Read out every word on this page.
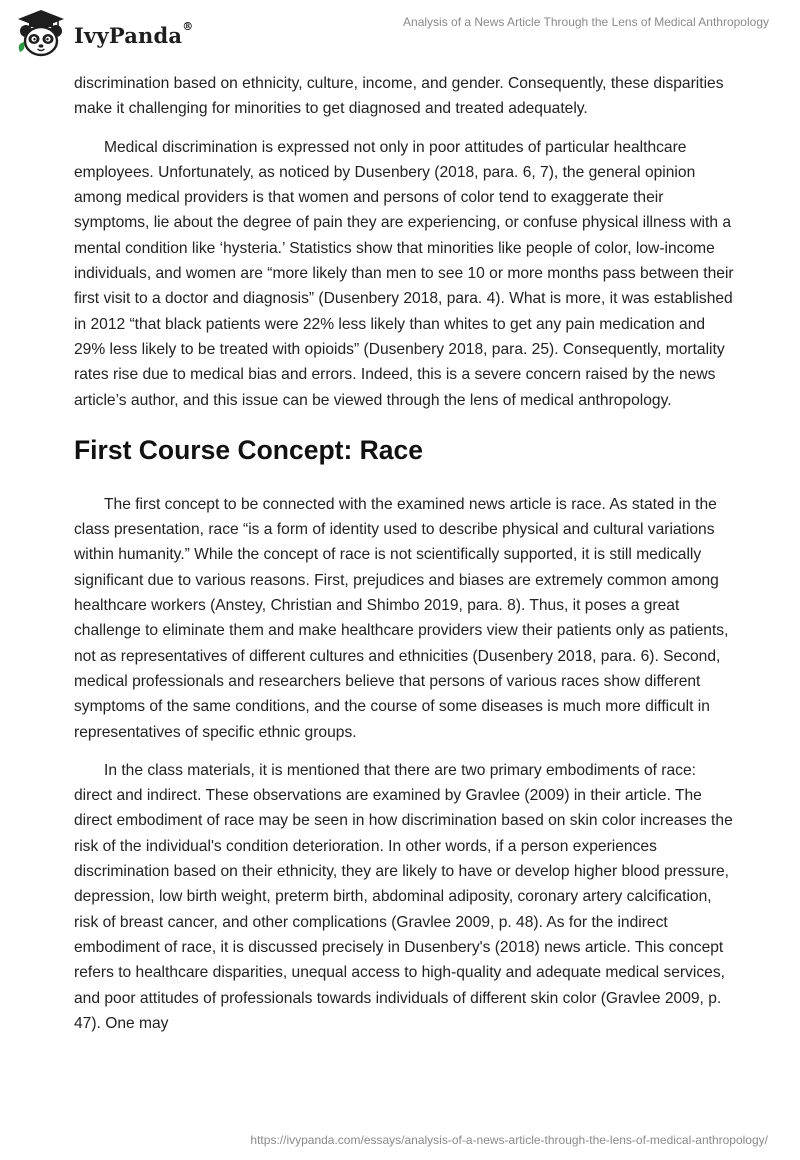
IvyPanda®	Analysis of a News Article Through the Lens of Medical Anthropology

discrimination based on ethnicity, culture, income, and gender. Consequently, these disparities make it challenging for minorities to get diagnosed and treated adequately.

Medical discrimination is expressed not only in poor attitudes of particular healthcare employees. Unfortunately, as noticed by Dusenbery (2018, para. 6, 7), the general opinion among medical providers is that women and persons of color tend to exaggerate their symptoms, lie about the degree of pain they are experiencing, or confuse physical illness with a mental condition like ‘hysteria.’ Statistics show that minorities like people of color, low-income individuals, and women are “more likely than men to see 10 or more months pass between their first visit to a doctor and diagnosis” (Dusenbery 2018, para. 4). What is more, it was established in 2012 “that black patients were 22% less likely than whites to get any pain medication and 29% less likely to be treated with opioids” (Dusenbery 2018, para. 25). Consequently, mortality rates rise due to medical bias and errors. Indeed, this is a severe concern raised by the news article’s author, and this issue can be viewed through the lens of medical anthropology.

First Course Concept: Race

The first concept to be connected with the examined news article is race. As stated in the class presentation, race “is a form of identity used to describe physical and cultural variations within humanity.” While the concept of race is not scientifically supported, it is still medically significant due to various reasons. First, prejudices and biases are extremely common among healthcare workers (Anstey, Christian and Shimbo 2019, para. 8). Thus, it poses a great challenge to eliminate them and make healthcare providers view their patients only as patients, not as representatives of different cultures and ethnicities (Dusenbery 2018, para. 6). Second, medical professionals and researchers believe that persons of various races show different symptoms of the same conditions, and the course of some diseases is much more difficult in representatives of specific ethnic groups.

In the class materials, it is mentioned that there are two primary embodiments of race: direct and indirect. These observations are examined by Gravlee (2009) in their article. The direct embodiment of race may be seen in how discrimination based on skin color increases the risk of the individual's condition deterioration. In other words, if a person experiences discrimination based on their ethnicity, they are likely to have or develop higher blood pressure, depression, low birth weight, preterm birth, abdominal adiposity, coronary artery calcification, risk of breast cancer, and other complications (Gravlee 2009, p. 48). As for the indirect embodiment of race, it is discussed precisely in Dusenbery's (2018) news article. This concept refers to healthcare disparities, unequal access to high-quality and adequate medical services, and poor attitudes of professionals towards individuals of different skin color (Gravlee 2009, p. 47). One may

https://ivypanda.com/essays/analysis-of-a-news-article-through-the-lens-of-medical-anthropology/
